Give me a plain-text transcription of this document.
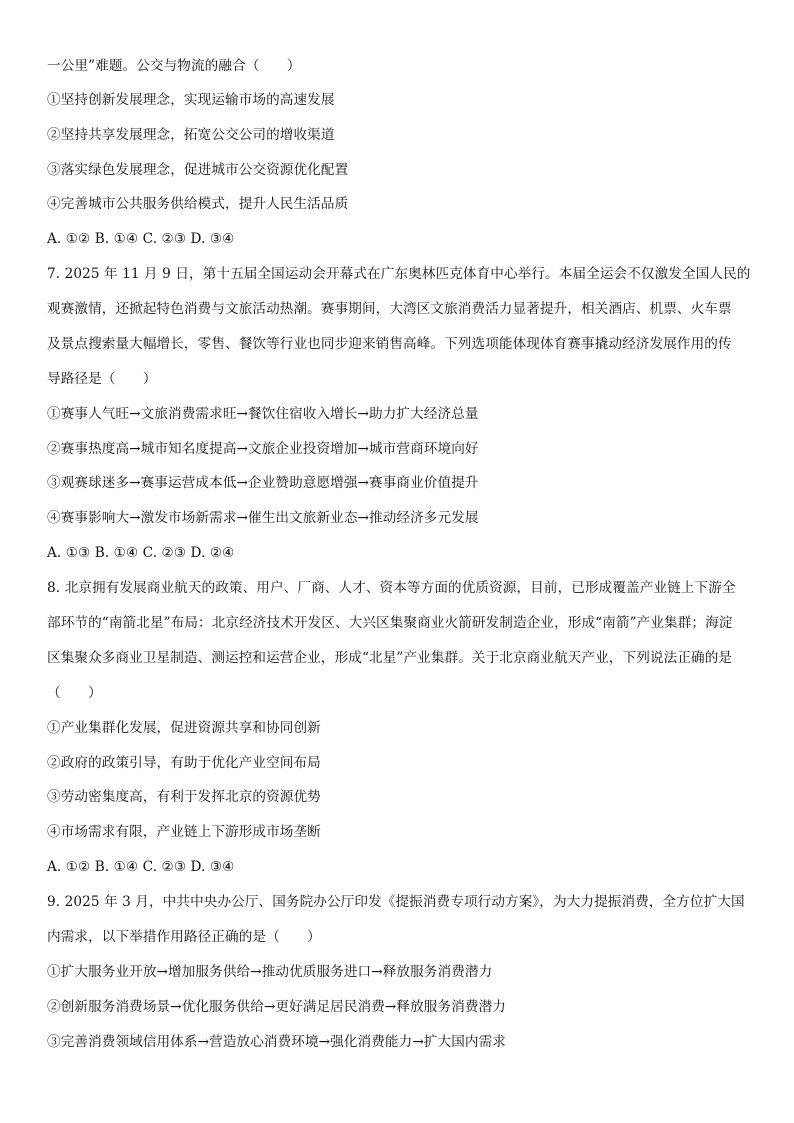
一公里”难题。公交与物流的融合（　　）
①坚持创新发展理念，实现运输市场的高速发展
②坚持共享发展理念，拓宽公交公司的增收渠道
③落实绿色发展理念，促进城市公交资源优化配置
④完善城市公共服务供给模式，提升人民生活品质
A. ①② B. ①④ C. ②③ D. ③④
7. 2025 年 11 月 9 日，第十五届全国运动会开幕式在广东奥林匹克体育中心举行。本届全运会不仅激发全国人民的
观赛激情，还掀起特色消费与文旅活动热潮。赛事期间，大湾区文旅消费活力显著提升，相关酒店、机票、火车票
及景点搜索量大幅增长，零售、餐饮等行业也同步迎来销售高峰。下列选项能体现体育赛事撬动经济发展作用的传
导路径是（　　）
①赛事人气旺→文旅消费需求旺→餐饮住宿收入增长→助力扩大经济总量
②赛事热度高→城市知名度提高→文旅企业投资增加→城市营商环境向好
③观赛球迷多→赛事运营成本低→企业赞助意愿增强→赛事商业价值提升
④赛事影响大→激发市场新需求→催生出文旅新业态→推动经济多元发展
A. ①③ B. ①④ C. ②③ D. ②④
8. 北京拥有发展商业航天的政策、用户、厂商、人才、资本等方面的优质资源，目前，已形成覆盖产业链上下游全
部环节的“南箭北星”布局：北京经济技术开发区、大兴区集聚商业火箭研发制造企业，形成“南箭”产业集群；海淀
区集聚众多商业卫星制造、测运控和运营企业，形成“北星”产业集群。关于北京商业航天产业，下列说法正确的是
（　　）
①产业集群化发展，促进资源共享和协同创新
②政府的政策引导，有助于优化产业空间布局
③劳动密集度高，有利于发挥北京的资源优势
④市场需求有限，产业链上下游形成市场垄断
A. ①② B. ①④ C. ②③ D. ③④
9. 2025 年 3 月，中共中央办公厅、国务院办公厅印发《提振消费专项行动方案》，为大力提振消费，全方位扩大国
内需求，以下举措作用路径正确的是（　　）
①扩大服务业开放→增加服务供给→推动优质服务进口→释放服务消费潜力
②创新服务消费场景→优化服务供给→更好满足居民消费→释放服务消费潜力
③完善消费领域信用体系→营造放心消费环境→强化消费能力→扩大国内需求
